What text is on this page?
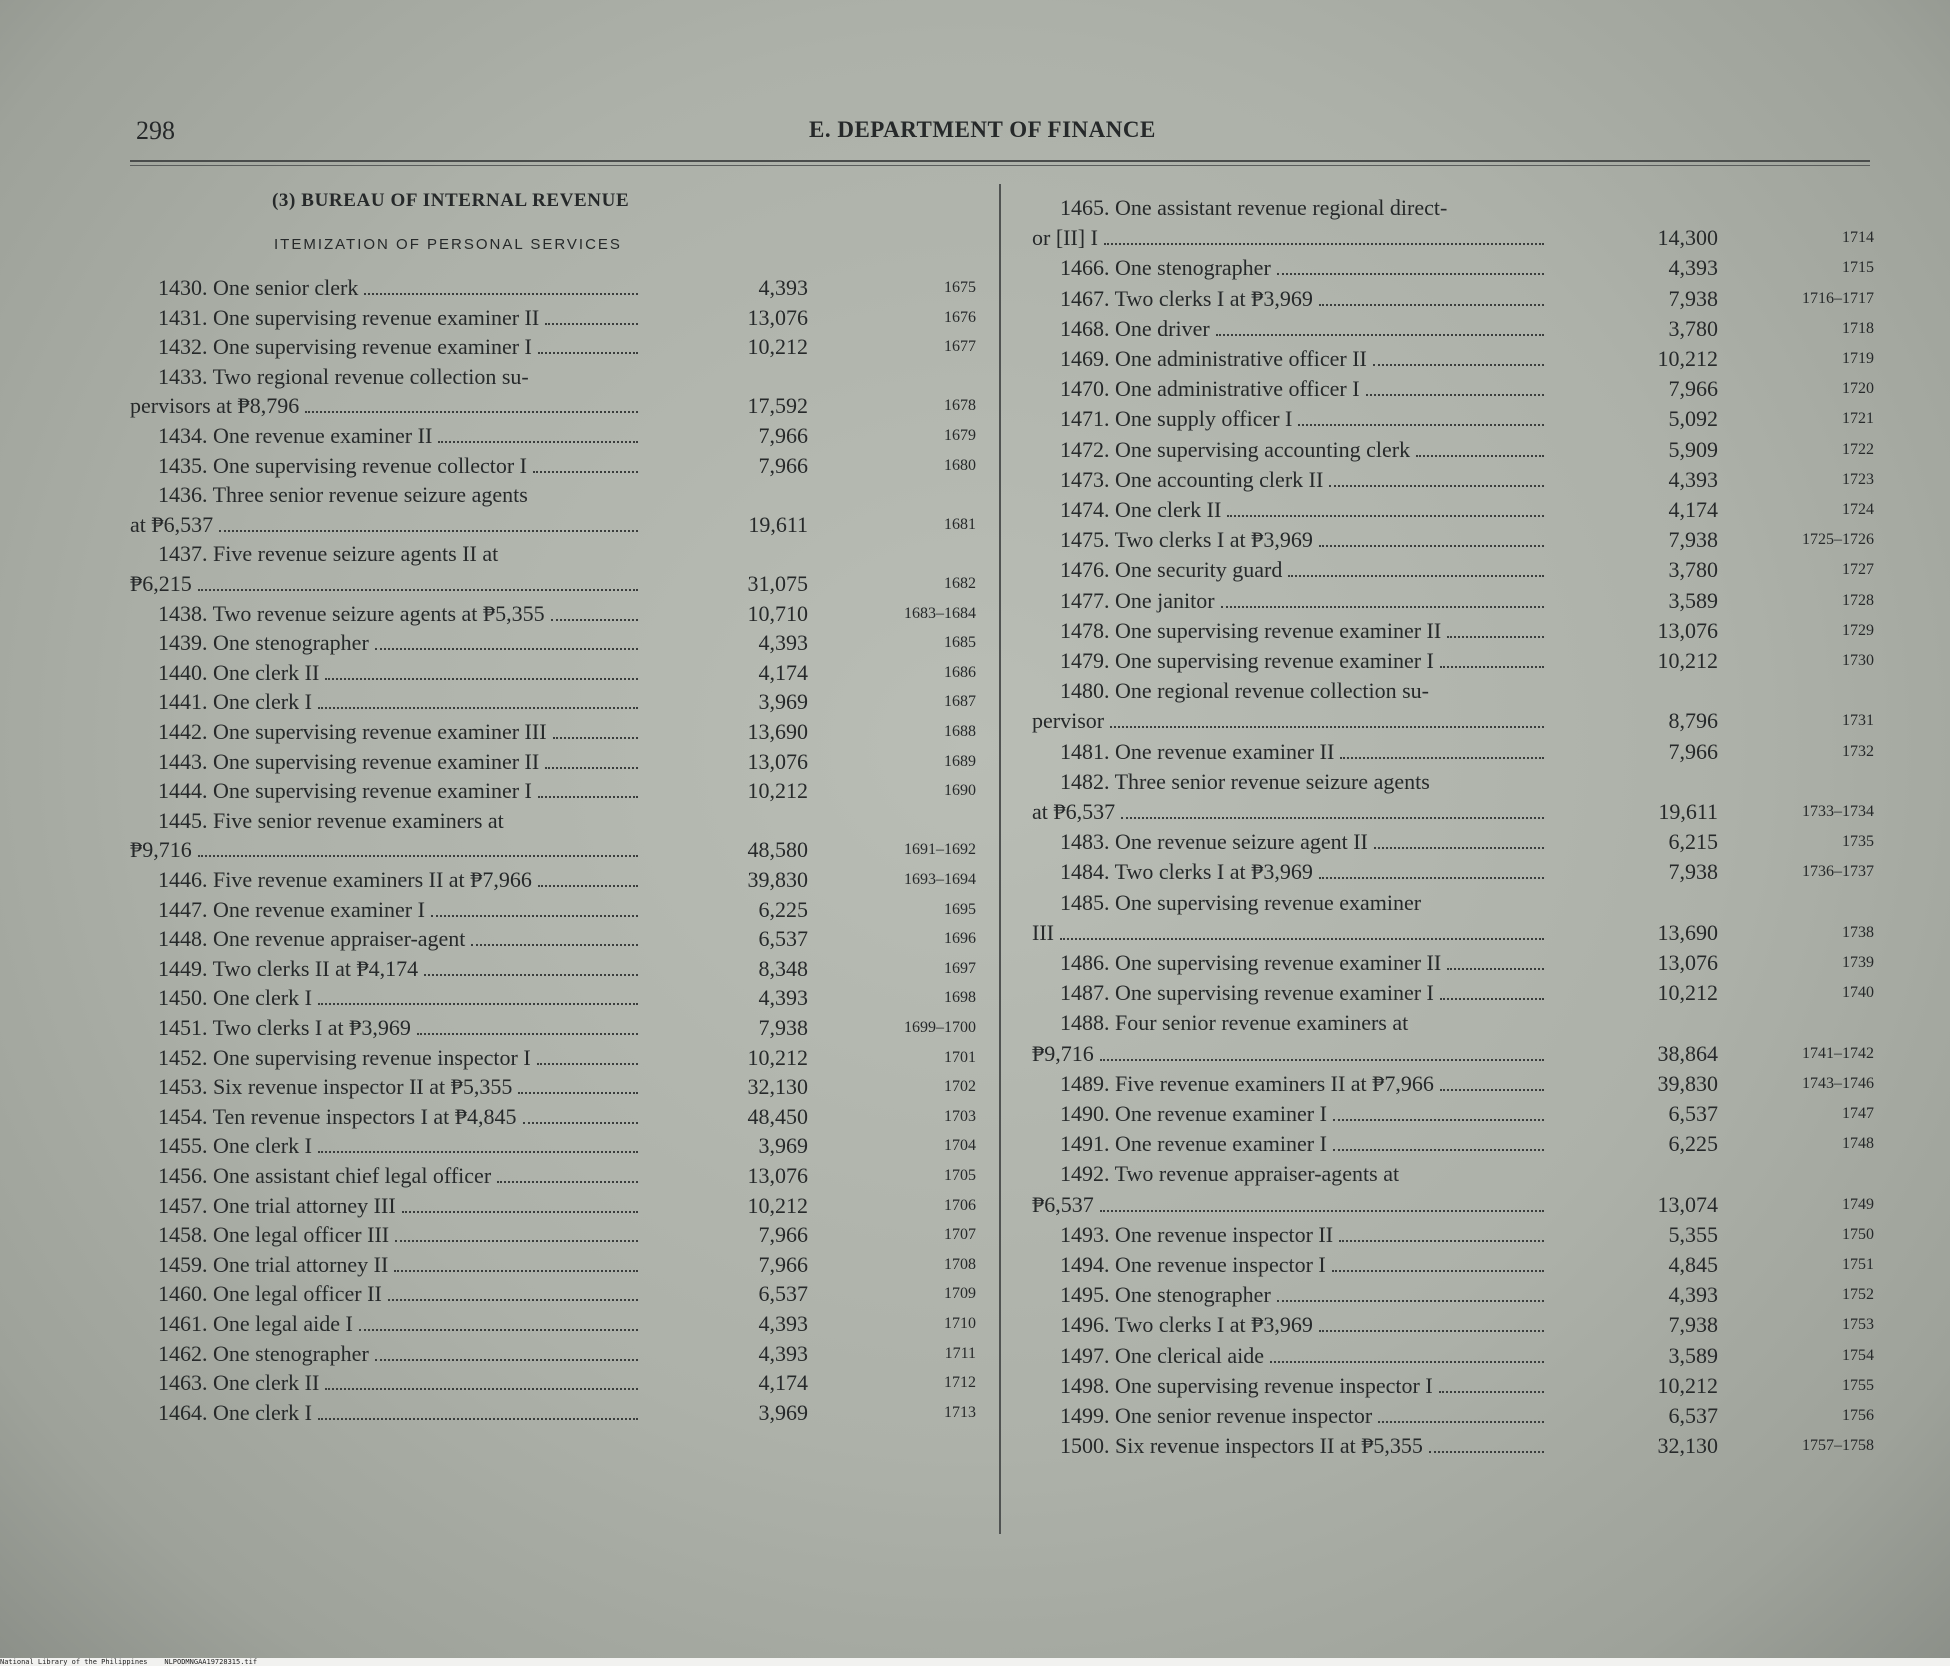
298	E. DEPARTMENT OF FINANCE
(3) BUREAU OF INTERNAL REVENUE
ITEMIZATION OF PERSONAL SERVICES
1430. One senior clerk	4,393	1675
1431. One supervising revenue examiner II	13,076	1676
1432. One supervising revenue examiner I	10,212	1677
1433. Two regional revenue collection su-
pervisors at ₱8,796	17,592	1678
1434. One revenue examiner II	7,966	1679
1435. One supervising revenue collector I	7,966	1680
1436. Three senior revenue seizure agents
at ₱6,537	19,611	1681
1437. Five revenue seizure agents II at
₱6,215	31,075	1682
1438. Two revenue seizure agents at ₱5,355	10,710	1683–1684
1439. One stenographer	4,393	1685
1440. One clerk II	4,174	1686
1441. One clerk I	3,969	1687
1442. One supervising revenue examiner III	13,690	1688
1443. One supervising revenue examiner II	13,076	1689
1444. One supervising revenue examiner I	10,212	1690
1445. Five senior revenue examiners at
₱9,716	48,580	1691–1692
1446. Five revenue examiners II at ₱7,966	39,830	1693–1694
1447. One revenue examiner I	6,225	1695
1448. One revenue appraiser-agent	6,537	1696
1449. Two clerks II at ₱4,174	8,348	1697
1450. One clerk I	4,393	1698
1451. Two clerks I at ₱3,969	7,938	1699–1700
1452. One supervising revenue inspector I	10,212	1701
1453. Six revenue inspector II at ₱5,355	32,130	1702
1454. Ten revenue inspectors I at ₱4,845	48,450	1703
1455. One clerk I	3,969	1704
1456. One assistant chief legal officer	13,076	1705
1457. One trial attorney III	10,212	1706
1458. One legal officer III	7,966	1707
1459. One trial attorney II	7,966	1708
1460. One legal officer II	6,537	1709
1461. One legal aide I	4,393	1710
1462. One stenographer	4,393	1711
1463. One clerk II	4,174	1712
1464. One clerk I	3,969	1713
1465. One assistant revenue regional direct-
or [II] I	14,300	1714
1466. One stenographer	4,393	1715
1467. Two clerks I at ₱3,969	7,938	1716–1717
1468. One driver	3,780	1718
1469. One administrative officer II	10,212	1719
1470. One administrative officer I	7,966	1720
1471. One supply officer I	5,092	1721
1472. One supervising accounting clerk	5,909	1722
1473. One accounting clerk II	4,393	1723
1474. One clerk II	4,174	1724
1475. Two clerks I at ₱3,969	7,938	1725–1726
1476. One security guard	3,780	1727
1477. One janitor	3,589	1728
1478. One supervising revenue examiner II	13,076	1729
1479. One supervising revenue examiner I	10,212	1730
1480. One regional revenue collection su-
pervisor	8,796	1731
1481. One revenue examiner II	7,966	1732
1482. Three senior revenue seizure agents
at ₱6,537	19,611	1733–1734
1483. One revenue seizure agent II	6,215	1735
1484. Two clerks I at ₱3,969	7,938	1736–1737
1485. One supervising revenue examiner
III	13,690	1738
1486. One supervising revenue examiner II	13,076	1739
1487. One supervising revenue examiner I	10,212	1740
1488. Four senior revenue examiners at
₱9,716	38,864	1741–1742
1489. Five revenue examiners II at ₱7,966	39,830	1743–1746
1490. One revenue examiner I	6,537	1747
1491. One revenue examiner I	6,225	1748
1492. Two revenue appraiser-agents at
₱6,537	13,074	1749
1493. One revenue inspector II	5,355	1750
1494. One revenue inspector I	4,845	1751
1495. One stenographer	4,393	1752
1496. Two clerks I at ₱3,969	7,938	1753
1497. One clerical aide	3,589	1754
1498. One supervising revenue inspector I	10,212	1755
1499. One senior revenue inspector	6,537	1756
1500. Six revenue inspectors II at ₱5,355	32,130	1757–1758
National Library of the Philippines    NLPODMNGAA19728315.tif
